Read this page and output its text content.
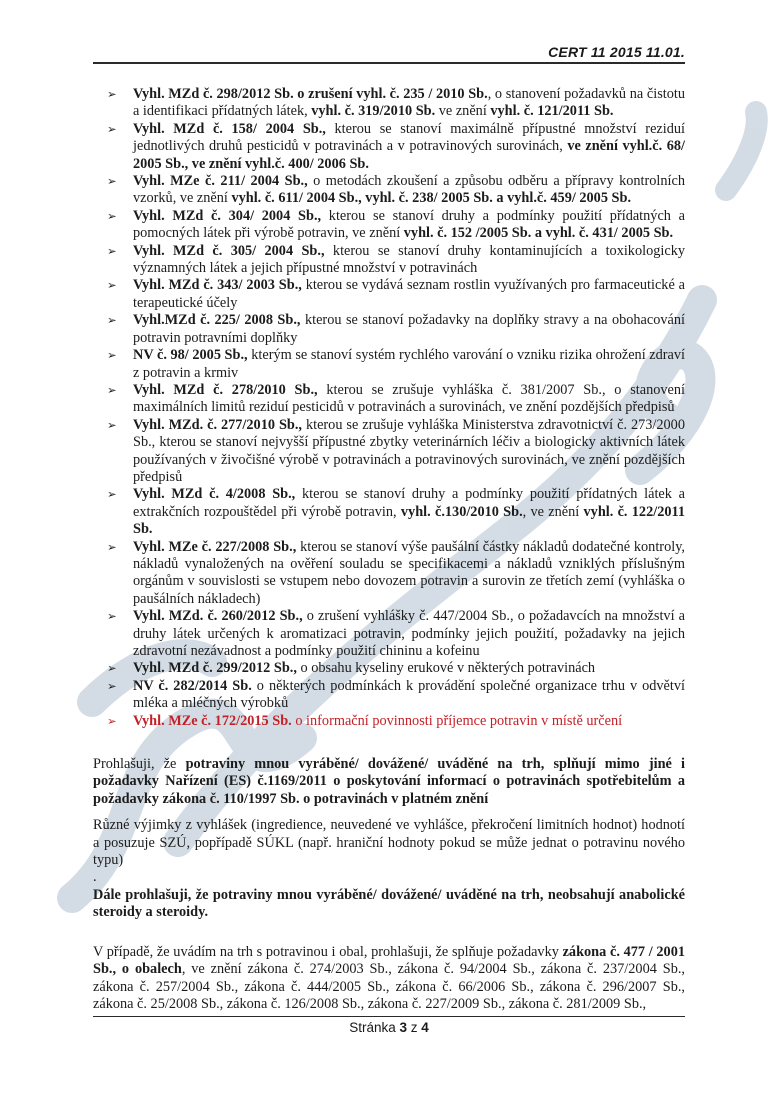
CERT 11 2015 11.01.
➢ Vyhl. MZd č. 298/2012 Sb. o zrušení vyhl. č. 235 / 2010 Sb., o stanovení požadavků na čistotu a identifikaci přídatných látek, vyhl. č. 319/2010 Sb. ve znění vyhl. č. 121/2011 Sb.
➢ Vyhl. MZd č. 158/ 2004 Sb., kterou se stanoví maximálně přípustné množství reziduí jednotlivých druhů pesticidů v potravinách a v potravinových surovinách, ve znění vyhl.č. 68/ 2005 Sb., ve znění vyhl.č. 400/ 2006 Sb.
➢ Vyhl. MZe č. 211/ 2004 Sb., o metodách zkoušení a způsobu odběru a přípravy kontrolních vzorků, ve znění vyhl. č. 611/ 2004 Sb., vyhl. č. 238/ 2005 Sb. a vyhl.č. 459/ 2005 Sb.
➢ Vyhl. MZd č. 304/ 2004 Sb., kterou se stanoví druhy a podmínky použití přídatných a pomocných látek při výrobě potravin, ve znění vyhl. č. 152 /2005 Sb. a vyhl. č. 431/ 2005 Sb.
➢ Vyhl. MZd č. 305/ 2004 Sb., kterou se stanoví druhy kontaminujících a toxikologicky významných látek a jejich přípustné množství v potravinách
➢ Vyhl. MZd č. 343/ 2003 Sb., kterou se vydává seznam rostlin využívaných pro farmaceutické a terapeutické účely
➢ Vyhl.MZd č. 225/ 2008 Sb., kterou se stanoví požadavky na doplňky stravy a na obohacování potravin potravními doplňky
➢ NV č. 98/ 2005 Sb., kterým se stanoví systém rychlého varování o vzniku rizika ohrožení zdraví z potravin a krmiv
➢ Vyhl. MZd č. 278/2010 Sb., kterou se zrušuje vyhláška č. 381/2007 Sb., o stanovení maximálních limitů reziduí pesticidů v potravinách a surovinách, ve znění pozdějších předpisů
➢ Vyhl. MZd. č. 277/2010 Sb., kterou se zrušuje vyhláška Ministerstva zdravotnictví č. 273/2000 Sb., kterou se stanoví nejvyšší přípustné zbytky veterinárních léčiv a biologicky aktivních látek používaných v živočišné výrobě v potravinách a potravinových surovinách, ve znění pozdějších předpisů
➢ Vyhl. MZd č. 4/2008 Sb., kterou se stanoví druhy a podmínky použití přídatných látek a extrakčních rozpouštědel při výrobě potravin, vyhl. č.130/2010 Sb., ve znění vyhl. č. 122/2011 Sb.
➢ Vyhl. MZe č. 227/2008 Sb., kterou se stanoví výše paušální částky nákladů dodatečné kontroly, nákladů vynaložených na ověření souladu se specifikacemi a nákladů vzniklých příslušným orgánům v souvislosti se vstupem nebo dovozem potravin a surovin ze třetích zemí (vyhláška o paušálních nákladech)
➢ Vyhl. MZd. č. 260/2012 Sb., o zrušení vyhlášky č. 447/2004 Sb., o požadavcích na množství a druhy látek určených k aromatizaci potravin, podmínky jejich použití, požadavky na jejich zdravotní nezávadnost a podmínky použití chininu a kofeinu
➢ Vyhl. MZd č. 299/2012 Sb., o obsahu kyseliny erukové v některých potravinách
➢ NV č. 282/2014 Sb. o některých podmínkách k provádění společné organizace trhu v odvětví mléka a mléčných výrobků
➢ Vyhl. MZe č. 172/2015 Sb. o informační povinnosti příjemce potravin v místě určení

Prohlašuji, že potraviny mnou vyráběné/ dovážené/ uváděné na trh, splňují mimo jiné i požadavky Nařízení (ES) č.1169/2011 o poskytování informací o potravinách spotřebitelům a požadavky zákona č. 110/1997 Sb. o potravinách v platném znění

Různé výjimky z vyhlášek (ingredience, neuvedené ve vyhlášce, překročení limitních hodnot) hodnotí a posuzuje SZÚ, popřípadě SÚKL (např. hraniční hodnoty pokud se může jednat o potravinu nového typu)

.

Dále prohlašuji, že potraviny mnou vyráběné/ dovážené/ uváděné na trh, neobsahují anabolické steroidy a steroidy.

V případě, že uvádím na trh s potravinou i obal, prohlašuji, že splňuje požadavky zákona č. 477 / 2001 Sb., o obalech, ve znění zákona č. 274/2003 Sb., zákona č. 94/2004 Sb., zákona č. 237/2004 Sb., zákona č. 257/2004 Sb., zákona č. 444/2005 Sb., zákona č. 66/2006 Sb., zákona č. 296/2007 Sb., zákona č. 25/2008 Sb., zákona č. 126/2008 Sb., zákona č. 227/2009 Sb., zákona č. 281/2009 Sb.,

Stránka 3 z 4
